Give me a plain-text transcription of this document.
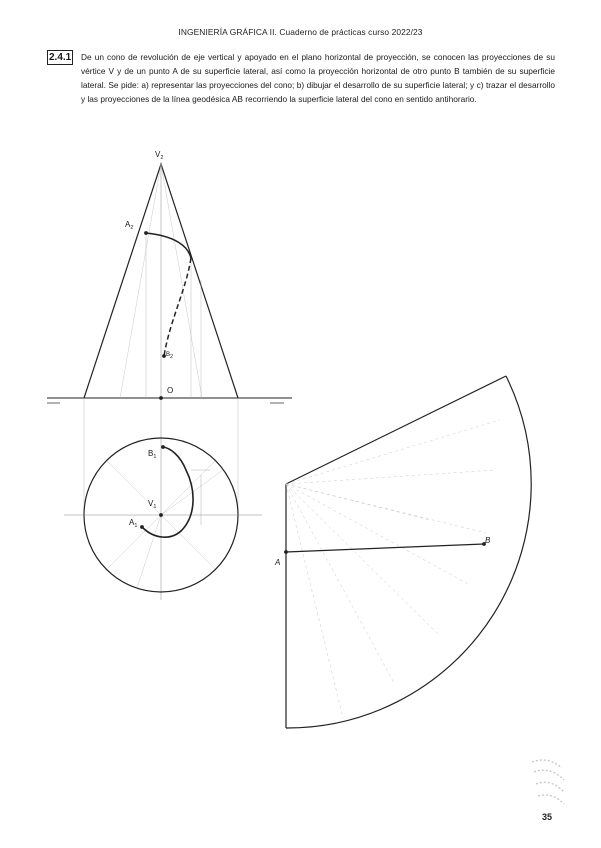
INGENIERÍA GRÁFICA II. Cuaderno de prácticas curso 2022/23
2.4.1 De un cono de revolución de eje vertical y apoyado en el plano horizontal de proyección, se conocen las proyecciones de su vértice V y de un punto A de su superficie lateral, así como la proyección horizontal de otro punto B también de su superficie lateral. Se pide: a) representar las proyecciones del cono; b) dibujar el desarrollo de su superficie lateral; y c) trazar el desarrollo y las proyecciones de la línea geodésica AB recorriendo la superficie lateral del cono en sentido antihorario.

$V_2$
$A_2$
B2
O
$B_1$
$V_1$
$A_1$
A
B
35
